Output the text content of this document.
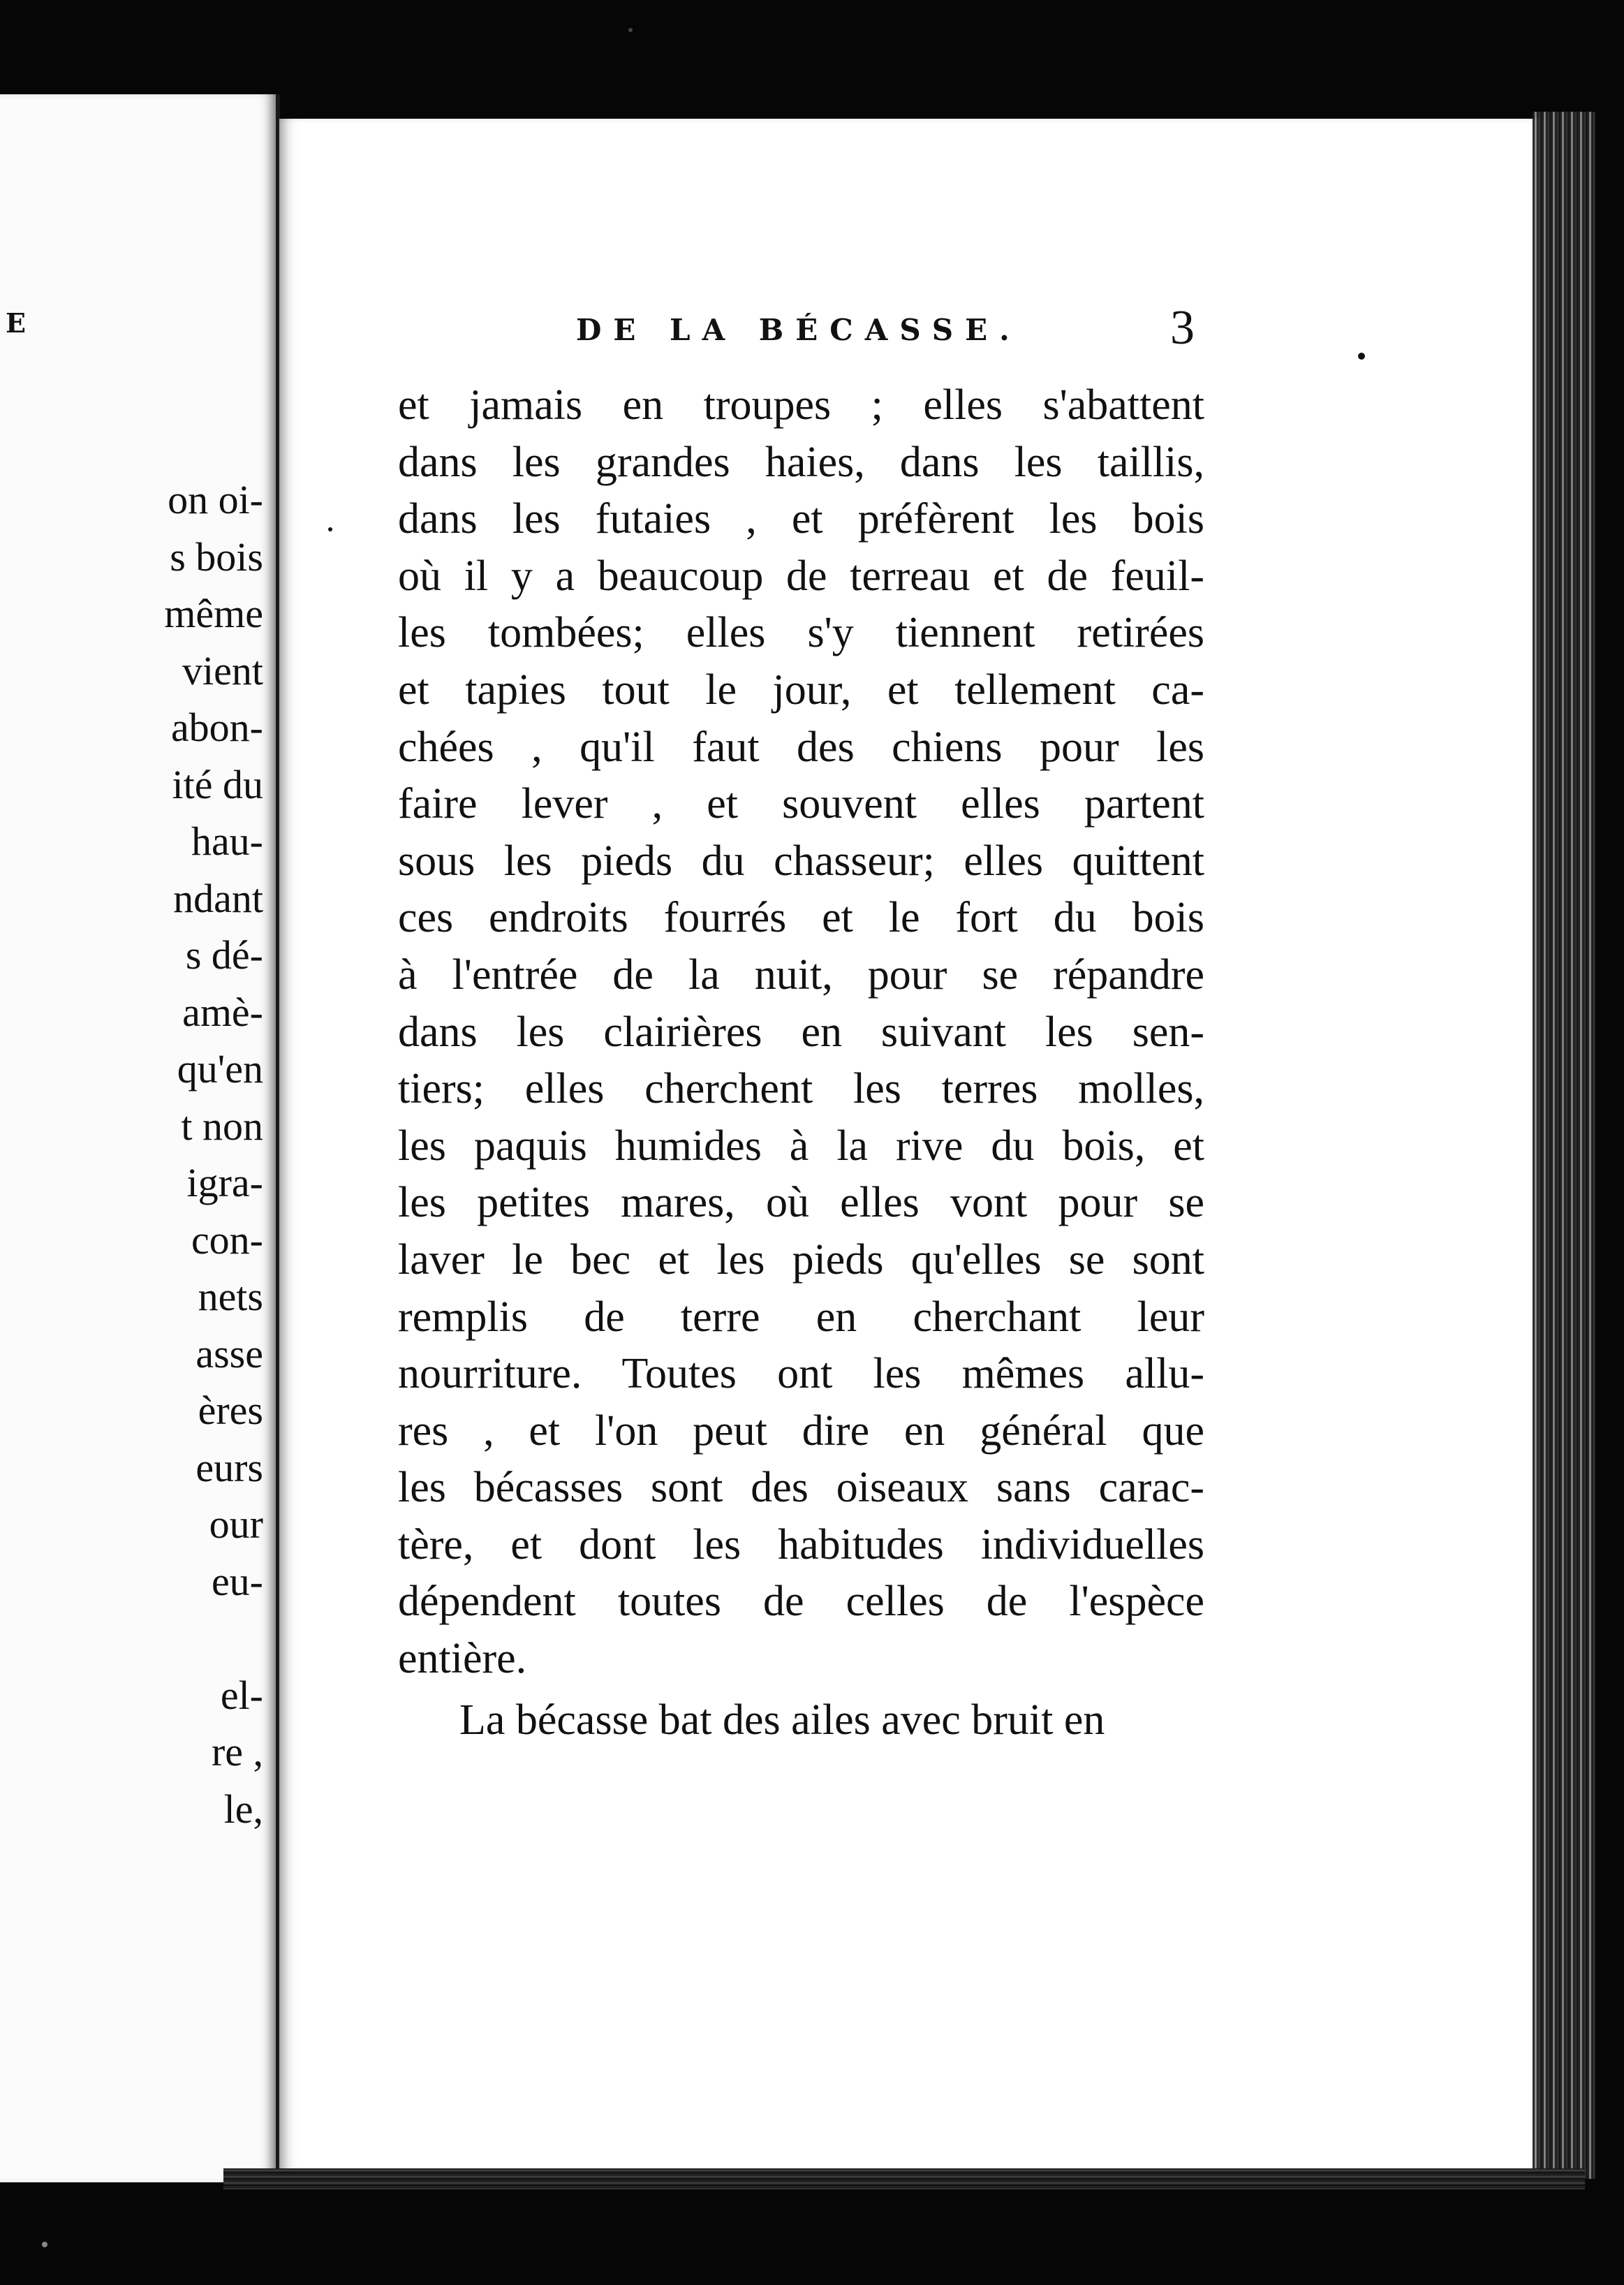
E
on oi-
s bois
même
vient
abon-
ité du
hau-
ndant
s dé-
amè-
qu'en
t non
igra-
con-
nets
asse
ères
eurs
our
eu-
el-
re ,
le,
DE LA BÉCASSE.	3
et jamais en troupes ; elles s'abattent
dans les grandes haies, dans les taillis,
dans les futaies , et préfèrent les bois
où il y a beaucoup de terreau et de feuil-
les tombées; elles s'y tiennent retirées
et tapies tout le jour, et tellement ca-
chées , qu'il faut des chiens pour les
faire lever , et souvent elles partent
sous les pieds du chasseur; elles quittent
ces endroits fourrés et le fort du bois
à l'entrée de la nuit, pour se répandre
dans les clairières en suivant les sen-
tiers; elles cherchent les terres molles,
les paquis humides à la rive du bois, et
les petites mares, où elles vont pour se
laver le bec et les pieds qu'elles se sont
remplis de terre en cherchant leur
nourriture. Toutes ont les mêmes allu-
res , et l'on peut dire en général que
les bécasses sont des oiseaux sans carac-
tère, et dont les habitudes individuelles
dépendent toutes de celles de l'espèce
entière.
La bécasse bat des ailes avec bruit en
